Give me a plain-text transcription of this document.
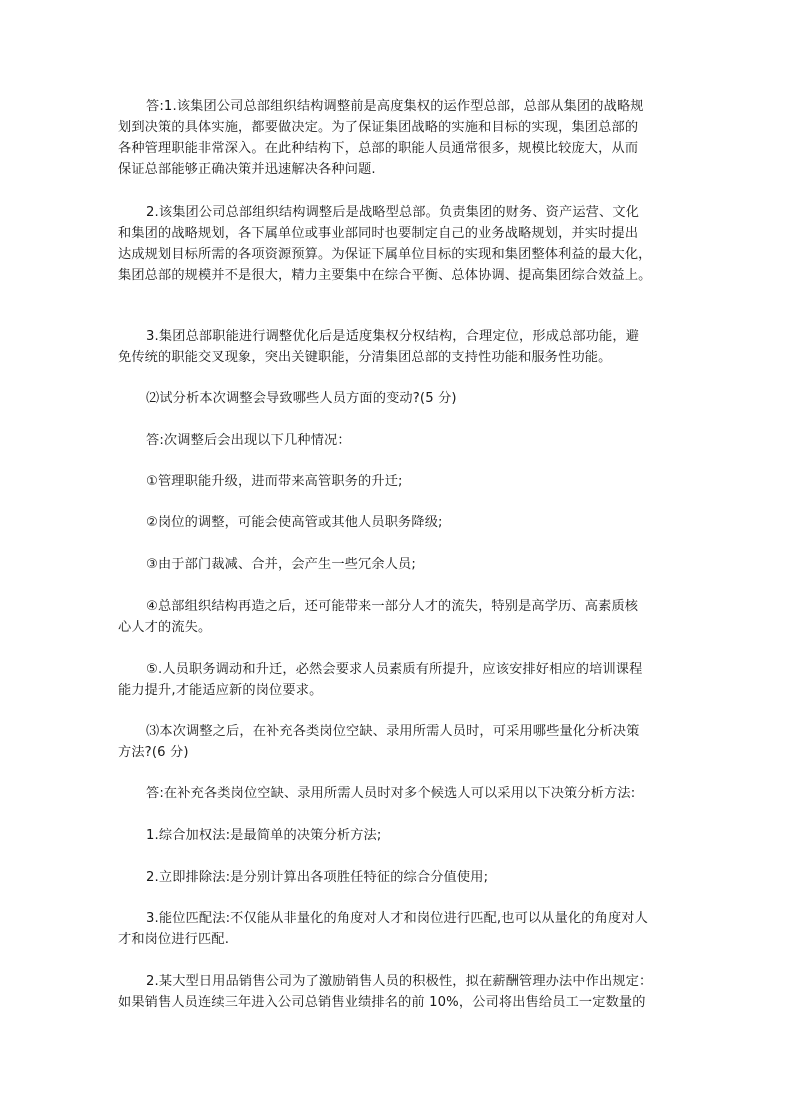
答:1.该集团公司总部组织结构调整前是高度集权的运作型总部，总部从集团的战略规
划到决策的具体实施，都要做决定。为了保证集团战略的实施和目标的实现，集团总部的
各种管理职能非常深入。在此种结构下，总部的职能人员通常很多，规模比较庞大，从而
保证总部能够正确决策并迅速解决各种问题.
2.该集团公司总部组织结构调整后是战略型总部。负责集团的财务、资产运营、文化
和集团的战略规划，各下属单位或事业部同时也要制定自己的业务战略规划，并实时提出
达成规划目标所需的各项资源预算。为保证下属单位目标的实现和集团整体利益的最大化，
集团总部的规模并不是很大，精力主要集中在综合平衡、总体协调、提高集团综合效益上。
3.集团总部职能进行调整优化后是适度集权分权结构，合理定位，形成总部功能，避
免传统的职能交叉现象，突出关键职能，分清集团总部的支持性功能和服务性功能。
⑵试分析本次调整会导致哪些人员方面的变动?(5 分)
答:次调整后会出现以下几种情况：
①管理职能升级，进而带来高管职务的升迁;
②岗位的调整，可能会使高管或其他人员职务降级;
③由于部门裁减、合并，会产生一些冗余人员;
④总部组织结构再造之后，还可能带来一部分人才的流失，特别是高学历、高素质核
心人才的流失。
⑤.人员职务调动和升迁，必然会要求人员素质有所提升，应该安排好相应的培训课程
能力提升,才能适应新的岗位要求。
⑶本次调整之后，在补充各类岗位空缺、录用所需人员时，可采用哪些量化分析决策
方法?(6 分)
答:在补充各类岗位空缺、录用所需人员时对多个候选人可以采用以下决策分析方法:
1.综合加权法:是最简单的决策分析方法;
2.立即排除法:是分别计算出各项胜任特征的综合分值使用;
3.能位匹配法:不仅能从非量化的角度对人才和岗位进行匹配,也可以从量化的角度对人
才和岗位进行匹配.
2.某大型日用品销售公司为了激励销售人员的积极性，拟在薪酬管理办法中作出规定：
如果销售人员连续三年进入公司总销售业绩排名的前 10%，公司将出售给员工一定数量的
